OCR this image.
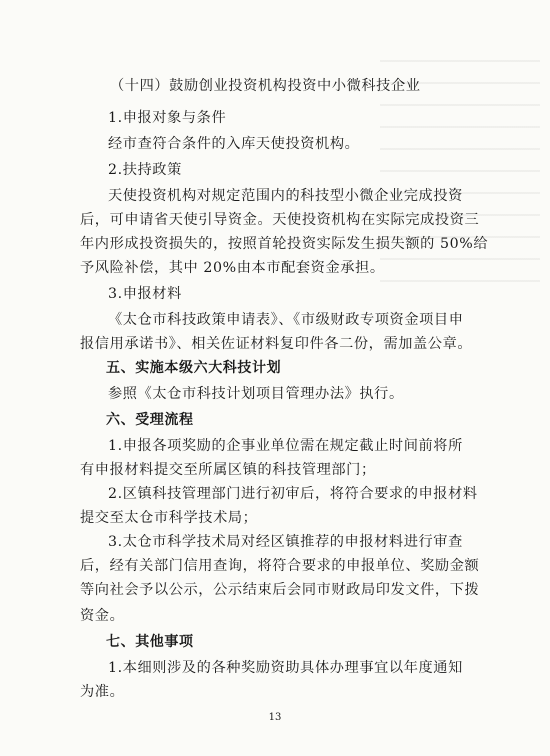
（十四）鼓励创业投资机构投资中小微科技企业
1.申报对象与条件
经市查符合条件的入库天使投资机构。
2.扶持政策
天使投资机构对规定范围内的科技型小微企业完成投资
后，可申请省天使引导资金。天使投资机构在实际完成投资三
年内形成投资损失的，按照首轮投资实际发生损失额的 50%给
予风险补偿，其中 20%由本市配套资金承担。
3.申报材料
《太仓市科技政策申请表》、《市级财政专项资金项目申
报信用承诺书》、相关佐证材料复印件各二份，需加盖公章。
五、实施本级六大科技计划
参照《太仓市科技计划项目管理办法》执行。
六、受理流程
1.申报各项奖励的企事业单位需在规定截止时间前将所
有申报材料提交至所属区镇的科技管理部门；
2.区镇科技管理部门进行初审后，将符合要求的申报材料
提交至太仓市科学技术局；
3.太仓市科学技术局对经区镇推荐的申报材料进行审查
后，经有关部门信用查询，将符合要求的申报单位、奖励金额
等向社会予以公示，公示结束后会同市财政局印发文件，下拨
资金。
七、其他事项
13
1.本细则涉及的各种奖励资助具体办理事宜以年度通知
为准。
